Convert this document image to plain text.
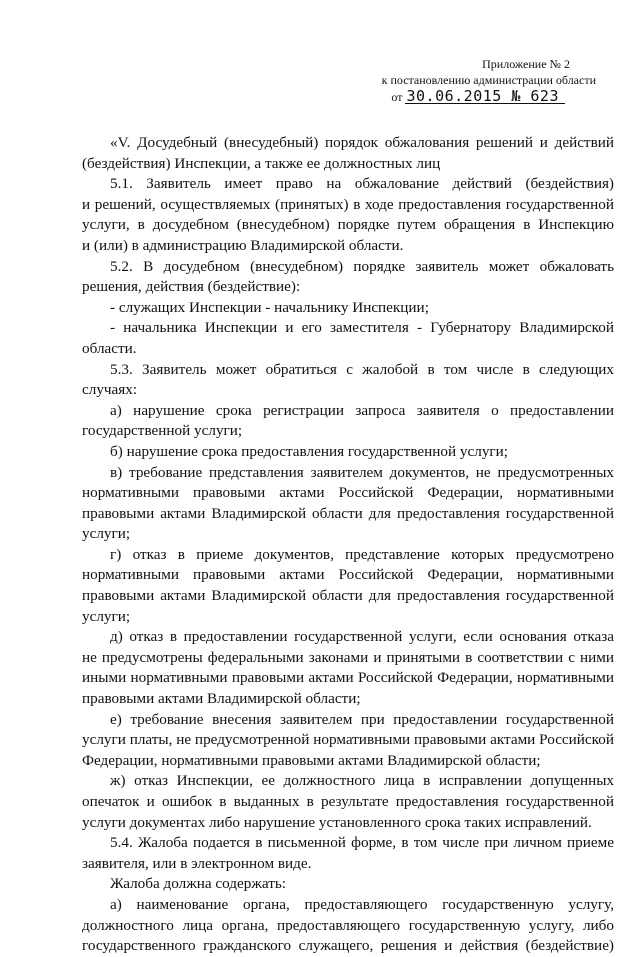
Приложение № 2
к постановлению администрации области
от 30.06.2015 № 623
«V. Досудебный (внесудебный) порядок обжалования решений и действий
(бездействия) Инспекции, а также ее должностных лиц
5.1. Заявитель имеет право на обжалование действий (бездействия)
и решений, осуществляемых (принятых) в ходе предоставления государственной
услуги, в досудебном (внесудебном) порядке путем обращения в Инспекцию
и (или) в администрацию Владимирской области.
5.2. В досудебном (внесудебном) порядке заявитель может обжаловать
решения, действия (бездействие):
- служащих Инспекции - начальнику Инспекции;
- начальника Инспекции и его заместителя - Губернатору Владимирской
области.
5.3. Заявитель может обратиться с жалобой в том числе в следующих
случаях:
а) нарушение срока регистрации запроса заявителя о предоставлении
государственной услуги;
б) нарушение срока предоставления государственной услуги;
в) требование представления заявителем документов, не предусмотренных
нормативными правовыми актами Российской Федерации, нормативными
правовыми актами Владимирской области для предоставления государственной
услуги;
г) отказ в приеме документов, представление которых предусмотрено
нормативными правовыми актами Российской Федерации, нормативными
правовыми актами Владимирской области для предоставления государственной
услуги;
д) отказ в предоставлении государственной услуги, если основания отказа
не предусмотрены федеральными законами и принятыми в соответствии с ними
иными нормативными правовыми актами Российской Федерации, нормативными
правовыми актами Владимирской области;
е) требование внесения заявителем при предоставлении государственной
услуги платы, не предусмотренной нормативными правовыми актами Российской
Федерации, нормативными правовыми актами Владимирской области;
ж) отказ Инспекции, ее должностного лица в исправлении допущенных
опечаток и ошибок в выданных в результате предоставления государственной
услуги документах либо нарушение установленного срока таких исправлений.
5.4. Жалоба подается в письменной форме, в том числе при личном приеме
заявителя, или в электронном виде.
Жалоба должна содержать:
а) наименование органа, предоставляющего государственную услугу,
должностного лица органа, предоставляющего государственную услугу, либо
государственного гражданского служащего, решения и действия (бездействие)
